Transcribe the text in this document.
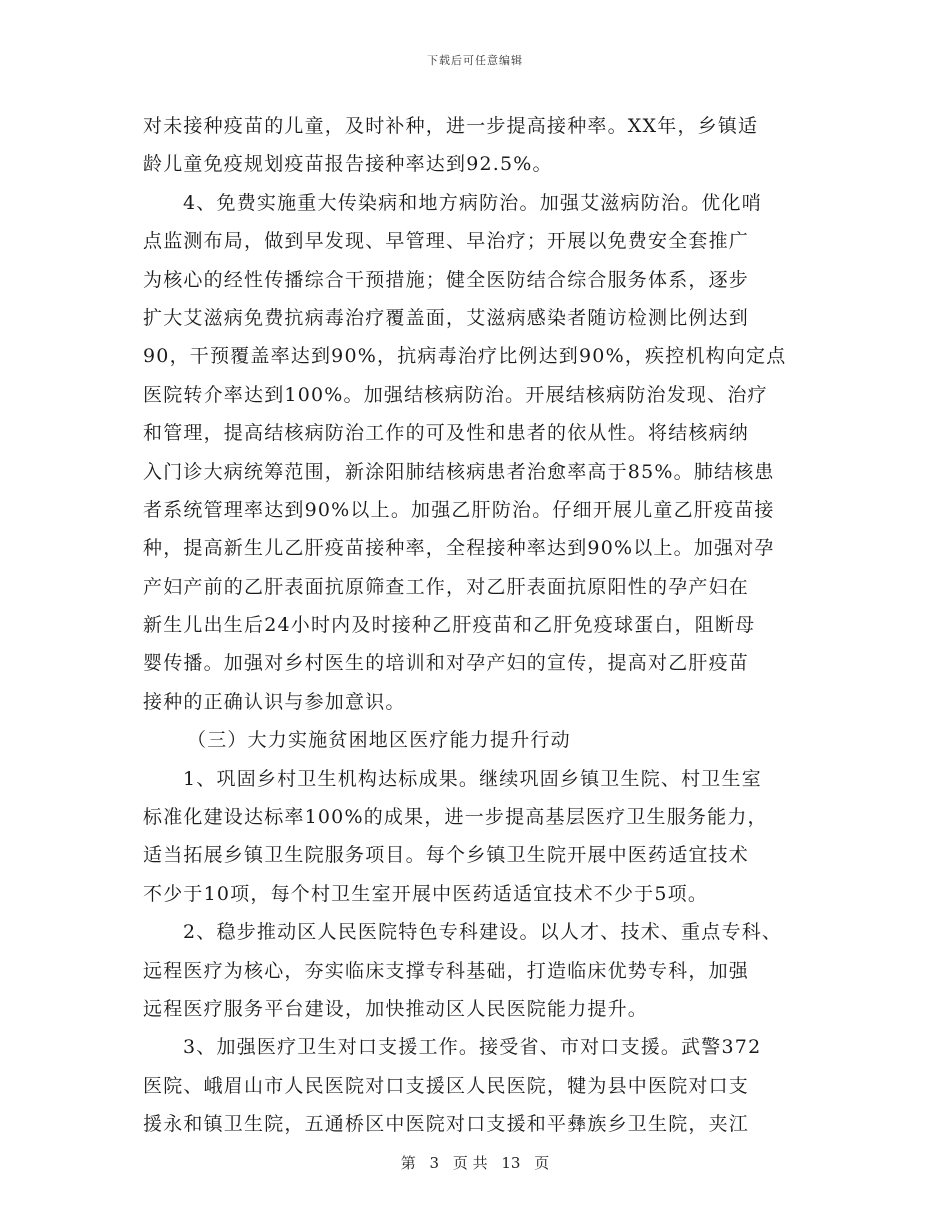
下载后可任意编辑
对未接种疫苗的儿童，及时补种，进一步提高接种率。XX年，乡镇适
龄儿童免疫规划疫苗报告接种率达到92.5%。
4、免费实施重大传染病和地方病防治。加强艾滋病防治。优化哨
点监测布局，做到早发现、早管理、早治疗；开展以免费安全套推广
为核心的经性传播综合干预措施；健全医防结合综合服务体系，逐步
扩大艾滋病免费抗病毒治疗覆盖面，艾滋病感染者随访检测比例达到
90，干预覆盖率达到90%，抗病毒治疗比例达到90%，疾控机构向定点
医院转介率达到100%。加强结核病防治。开展结核病防治发现、治疗
和管理，提高结核病防治工作的可及性和患者的依从性。将结核病纳
入门诊大病统筹范围，新涂阳肺结核病患者治愈率高于85%。肺结核患
者系统管理率达到90%以上。加强乙肝防治。仔细开展儿童乙肝疫苗接
种，提高新生儿乙肝疫苗接种率，全程接种率达到90%以上。加强对孕
产妇产前的乙肝表面抗原筛查工作，对乙肝表面抗原阳性的孕产妇在
新生儿出生后24小时内及时接种乙肝疫苗和乙肝免疫球蛋白，阻断母
婴传播。加强对乡村医生的培训和对孕产妇的宣传，提高对乙肝疫苗
接种的正确认识与参加意识。
（三）大力实施贫困地区医疗能力提升行动
1、巩固乡村卫生机构达标成果。继续巩固乡镇卫生院、村卫生室
标准化建设达标率100%的成果，进一步提高基层医疗卫生服务能力，
适当拓展乡镇卫生院服务项目。每个乡镇卫生院开展中医药适宜技术
不少于10项，每个村卫生室开展中医药适适宜技术不少于5项。
2、稳步推动区人民医院特色专科建设。以人才、技术、重点专科、
远程医疗为核心，夯实临床支撑专科基础，打造临床优势专科，加强
远程医疗服务平台建设，加快推动区人民医院能力提升。
3、加强医疗卫生对口支援工作。接受省、市对口支援。武警372
医院、峨眉山市人民医院对口支援区人民医院，犍为县中医院对口支
援永和镇卫生院，五通桥区中医院对口支援和平彝族乡卫生院，夹江
第 3 页 共 13 页
